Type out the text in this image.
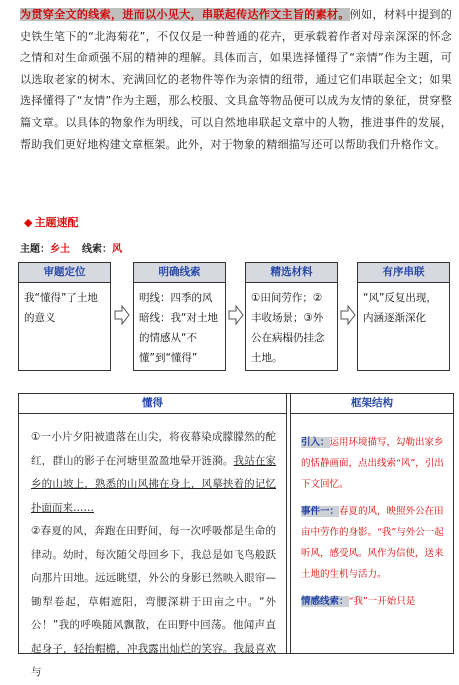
为贯穿全文的线索，进而以小见大，串联起传达作文主旨的素材。例如，材料中提到的史铁生笔下的“北海菊花”，不仅仅是一种普通的花卉，更承载着作者对母亲深深的怀念之情和对生命顽强不屈的精神的理解。具体而言，如果选择懂得了“亲情”作为主题，可以选取老家的树木、充满回忆的老物件等作为亲情的纽带，通过它们串联起全文；如果选择懂得了“友情”作为主题，那么校服、文具盒等物品便可以成为友情的象征，贯穿整篇文章。以具体的物象作为明线，可以自然地串联起文章中的人物，推进事件的发展，帮助我们更好地构建文章框架。此外，对于物象的精细描写还可以帮助我们升格作文。
◆ 主题速配
主题：乡土 线索：风
审题定位
我“懂得”了土地的意义
明确线索
明线：四季的风暗线：我“对土地的情感从“不懂”到“懂得”
精选材料
①田间劳作；②丰收场景；③外公在病榻仍挂念土地。
有序串联
“风”反复出现，内涵逐渐深化
懂得
①一小片夕阳被遗落在山尖，将夜幕染成朦朦然的酡红，群山的影子在河塘里盈盈地晕开涟漪。我站在家乡的山坡上，熟悉的山风拂在身上，风摹挟着的记忆扑面而来……
②春夏的风，奔跑在田野间，每一次呼吸都是生命的律动。幼时，每次随父母回乡下，我总是如飞鸟般跃向那片田地。远远眺望，外公的身影已然映入眼帘—锄犁卷起，草帽遮阳，弯腰深耕于田亩之中。“外公！”我的呼唤随风飘散，在田野中回荡。他闻声直起身子，轻抬帽檐，冲我露出灿烂的笑容。我最喜欢与
框架结构

引入：运用环境描写，勾勒出家乡的恬静画面，点出线索“风”，引出下文回忆。

事件一：春夏的风，映照外公在田亩中劳作的身影。“我”与外公一起听风，感受风。风作为信使，送来土地的生机与活力。

情感线索：“我”一开始只是
